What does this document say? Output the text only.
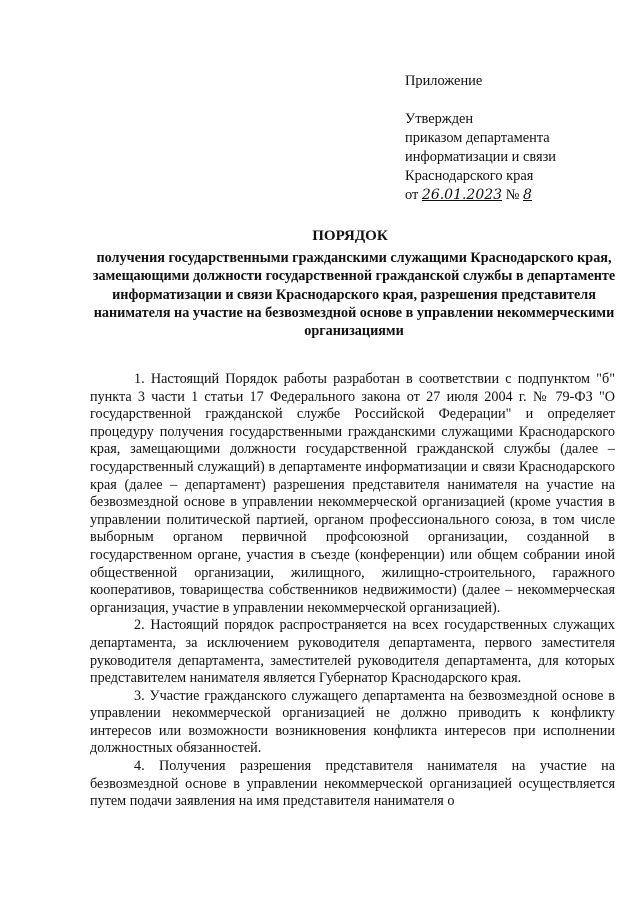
Приложение
Утвержден
приказом департамента
информатизации и связи
Краснодарского края
от 26.01.2023 № 8
ПОРЯДОК
получения государственными гражданскими служащими Краснодарского края, замещающими должности государственной гражданской службы в департаменте информатизации и связи Краснодарского края, разрешения представителя нанимателя на участие на безвозмездной основе в управлении некоммерческими организациями

1. Настоящий Порядок работы разработан в соответствии с подпунктом "б" пункта 3 части 1 статьи 17 Федерального закона от 27 июля 2004 г. № 79-ФЗ "О государственной гражданской службе Российской Федерации" и определяет процедуру получения государственными гражданскими служащими Краснодарского края, замещающими должности государственной гражданской службы (далее – государственный служащий) в департаменте информатизации и связи Краснодарского края (далее – департамент) разрешения представителя нанимателя на участие на безвозмездной основе в управлении некоммерческой организацией (кроме участия в управлении политической партией, органом профессионального союза, в том числе выборным органом первичной профсоюзной организации, созданной в государственном органе, участия в съезде (конференции) или общем собрании иной общественной организации, жилищного, жилищно-строительного, гаражного кооперативов, товарищества собственников недвижимости) (далее – некоммерческая организация, участие в управлении некоммерческой организацией).

2. Настоящий порядок распространяется на всех государственных служащих департамента, за исключением руководителя департамента, первого заместителя руководителя департамента, заместителей руководителя департамента, для которых представителем нанимателя является Губернатор Краснодарского края.

3. Участие гражданского служащего департамента на безвозмездной основе в управлении некоммерческой организацией не должно приводить к конфликту интересов или возможности возникновения конфликта интересов при исполнении должностных обязанностей.

4. Получения разрешения представителя нанимателя на участие на безвозмездной основе в управлении некоммерческой организацией осуществляется путем подачи заявления на имя представителя нанимателя о
